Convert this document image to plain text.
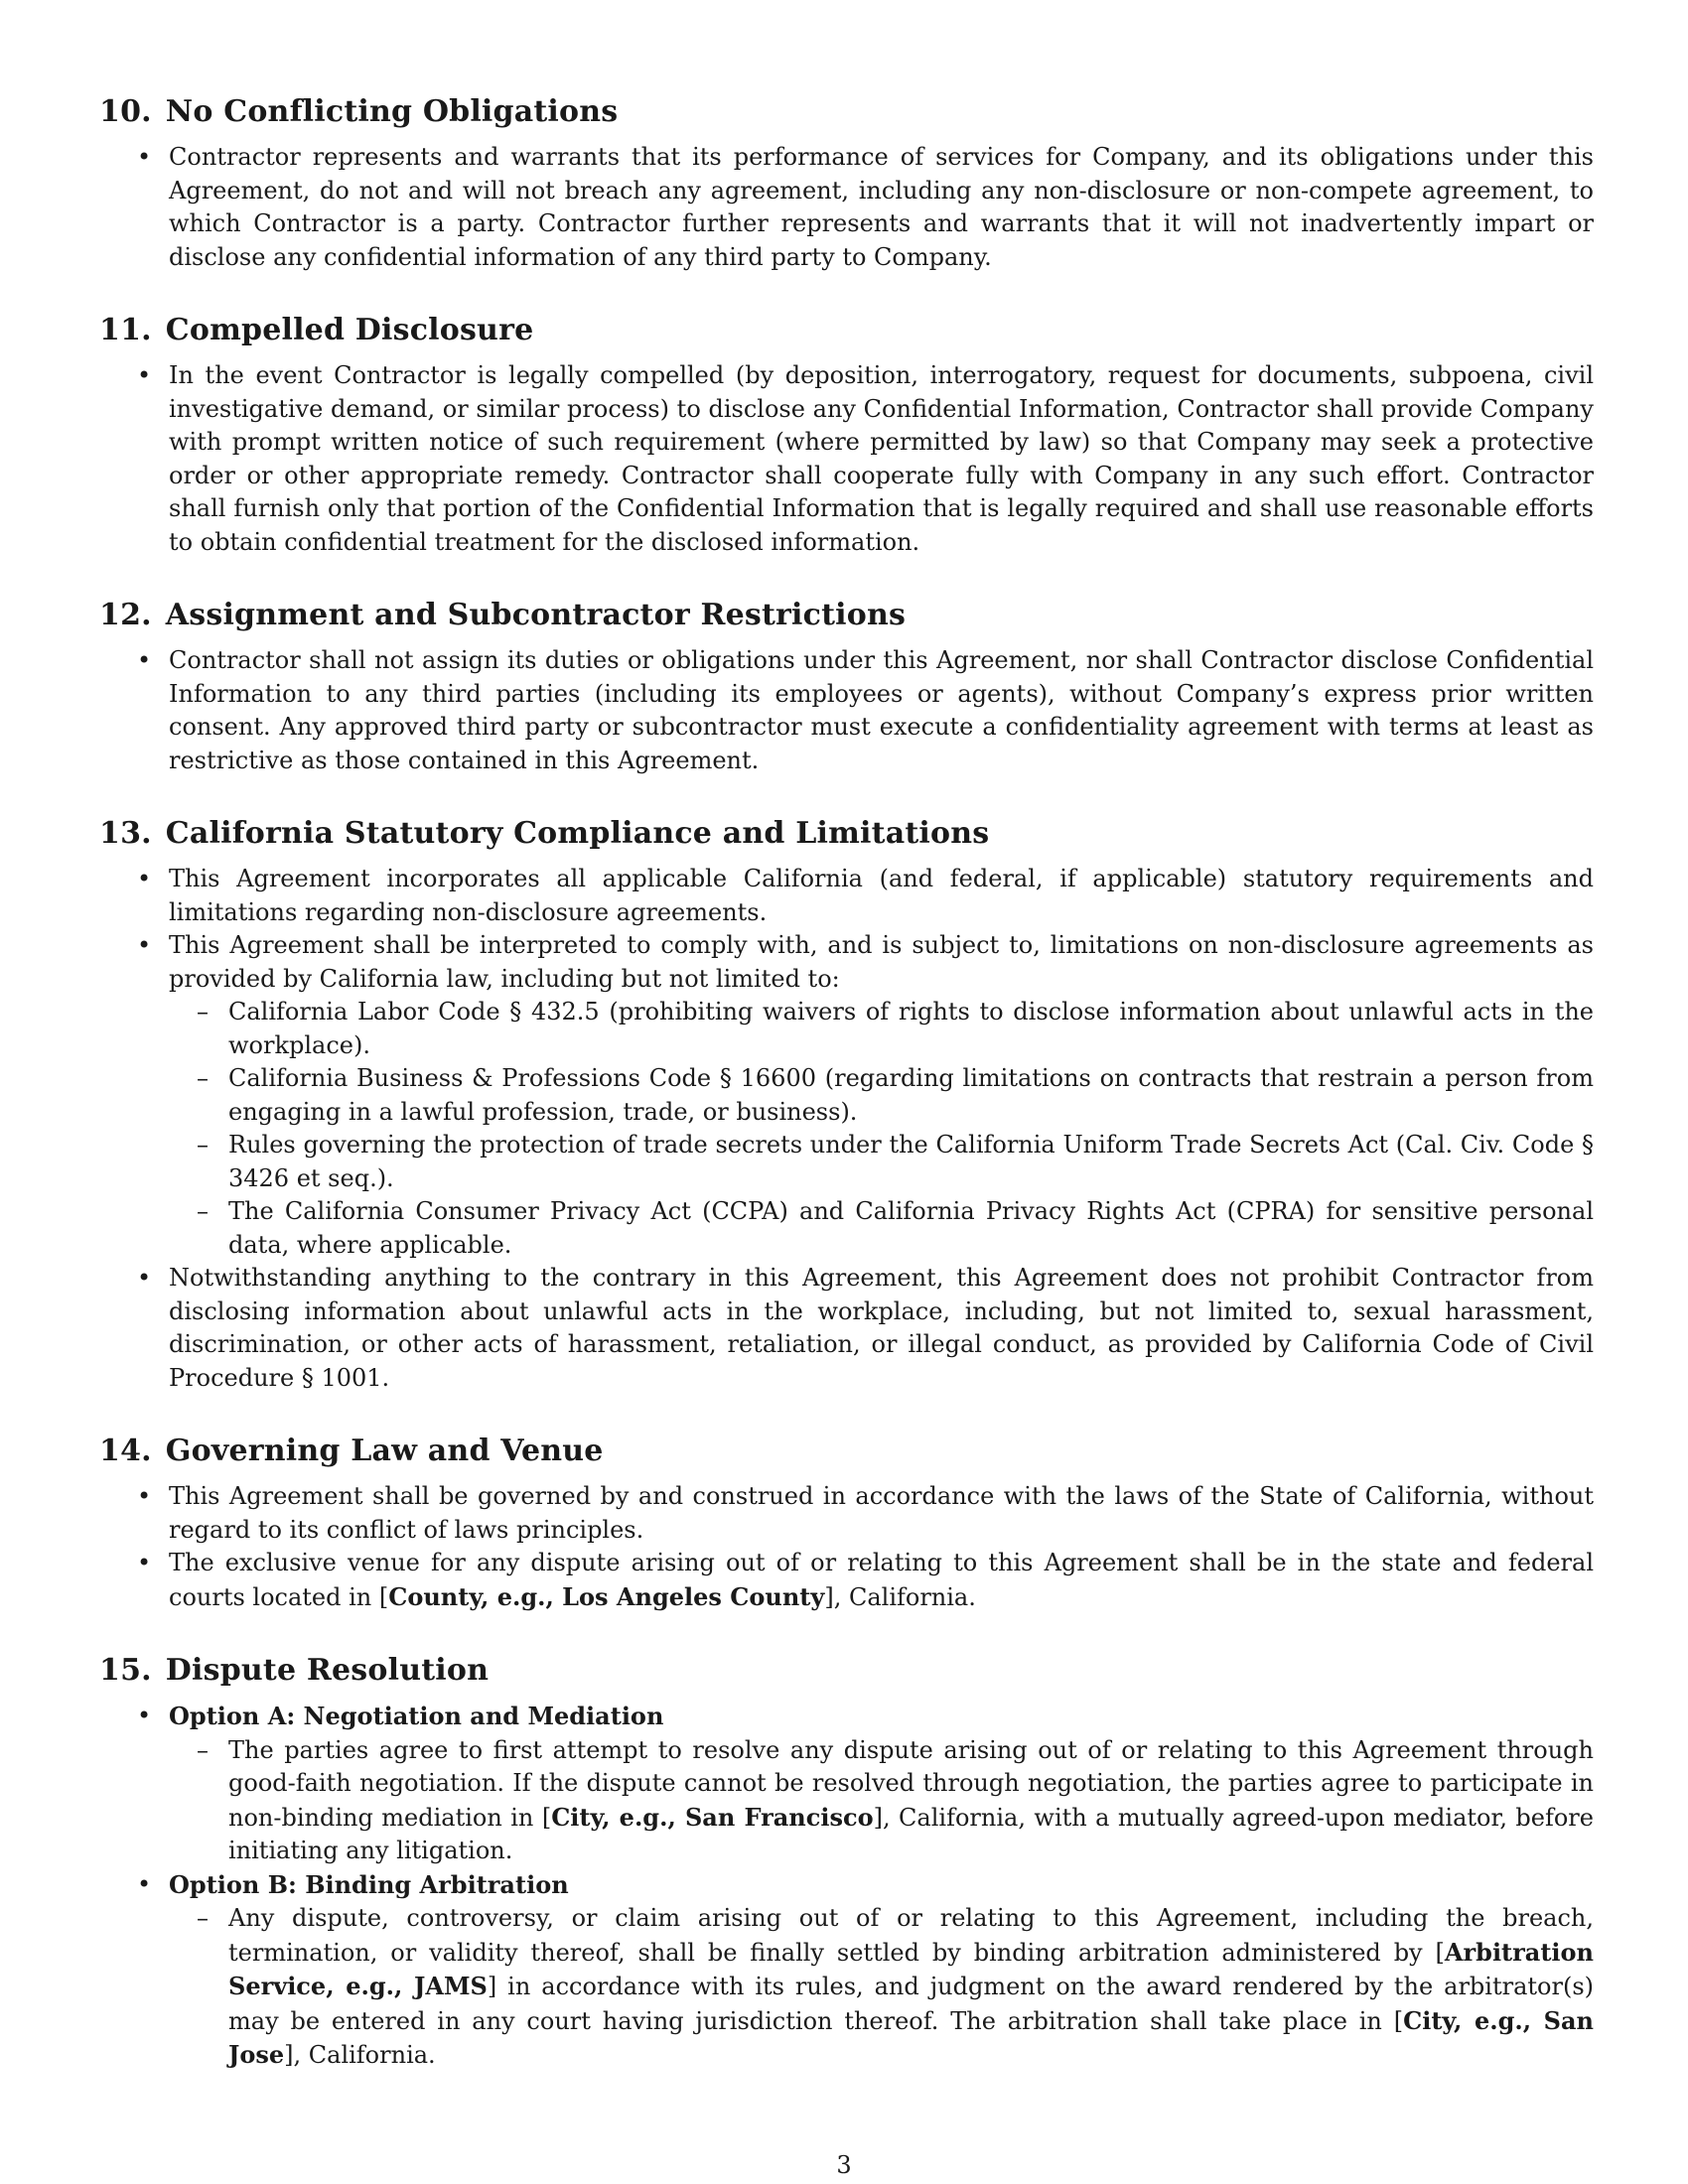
10. No Conflicting Obligations
• Contractor represents and warrants that its performance of services for Company, and its obligations under this Agreement, do not and will not breach any agreement, including any non-disclosure or non-compete agreement, to which Contractor is a party. Contractor further represents and warrants that it will not inadvertently impart or disclose any confidential information of any third party to Company.
11. Compelled Disclosure
• In the event Contractor is legally compelled (by deposition, interrogatory, request for documents, subpoena, civil investigative demand, or similar process) to disclose any Confidential Information, Contractor shall provide Company with prompt written notice of such requirement (where permitted by law) so that Company may seek a protective order or other appropriate remedy. Contractor shall cooperate fully with Company in any such effort. Contractor shall furnish only that portion of the Confidential Information that is legally required and shall use reasonable efforts to obtain confidential treatment for the disclosed information.
12. Assignment and Subcontractor Restrictions
• Contractor shall not assign its duties or obligations under this Agreement, nor shall Contractor disclose Confidential Information to any third parties (including its employees or agents), without Company’s express prior written consent. Any approved third party or subcontractor must execute a confidentiality agreement with terms at least as restrictive as those contained in this Agreement.
13. California Statutory Compliance and Limitations
• This Agreement incorporates all applicable California (and federal, if applicable) statutory requirements and limitations regarding non-disclosure agreements.
• This Agreement shall be interpreted to comply with, and is subject to, limitations on non-disclosure agreements as provided by California law, including but not limited to:
– California Labor Code § 432.5 (prohibiting waivers of rights to disclose information about unlawful acts in the workplace).
– California Business & Professions Code § 16600 (regarding limitations on contracts that restrain a person from engaging in a lawful profession, trade, or business).
– Rules governing the protection of trade secrets under the California Uniform Trade Secrets Act (Cal. Civ. Code § 3426 et seq.).
– The California Consumer Privacy Act (CCPA) and California Privacy Rights Act (CPRA) for sensitive personal data, where applicable.
• Notwithstanding anything to the contrary in this Agreement, this Agreement does not prohibit Contractor from disclosing information about unlawful acts in the workplace, including, but not limited to, sexual harassment, discrimination, or other acts of harassment, retaliation, or illegal conduct, as provided by California Code of Civil Procedure § 1001.
14. Governing Law and Venue
• This Agreement shall be governed by and construed in accordance with the laws of the State of California, without regard to its conflict of laws principles.
• The exclusive venue for any dispute arising out of or relating to this Agreement shall be in the state and federal courts located in [County, e.g., Los Angeles County], California.
15. Dispute Resolution
• Option A: Negotiation and Mediation
– The parties agree to first attempt to resolve any dispute arising out of or relating to this Agreement through good-faith negotiation. If the dispute cannot be resolved through negotiation, the parties agree to participate in non-binding mediation in [City, e.g., San Francisco], California, with a mutually agreed-upon mediator, before initiating any litigation.
• Option B: Binding Arbitration
– Any dispute, controversy, or claim arising out of or relating to this Agreement, including the breach, termination, or validity thereof, shall be finally settled by binding arbitration administered by [Arbitration Service, e.g., JAMS] in accordance with its rules, and judgment on the award rendered by the arbitrator(s) may be entered in any court having jurisdiction thereof. The arbitration shall take place in [City, e.g., San Jose], California.
3
